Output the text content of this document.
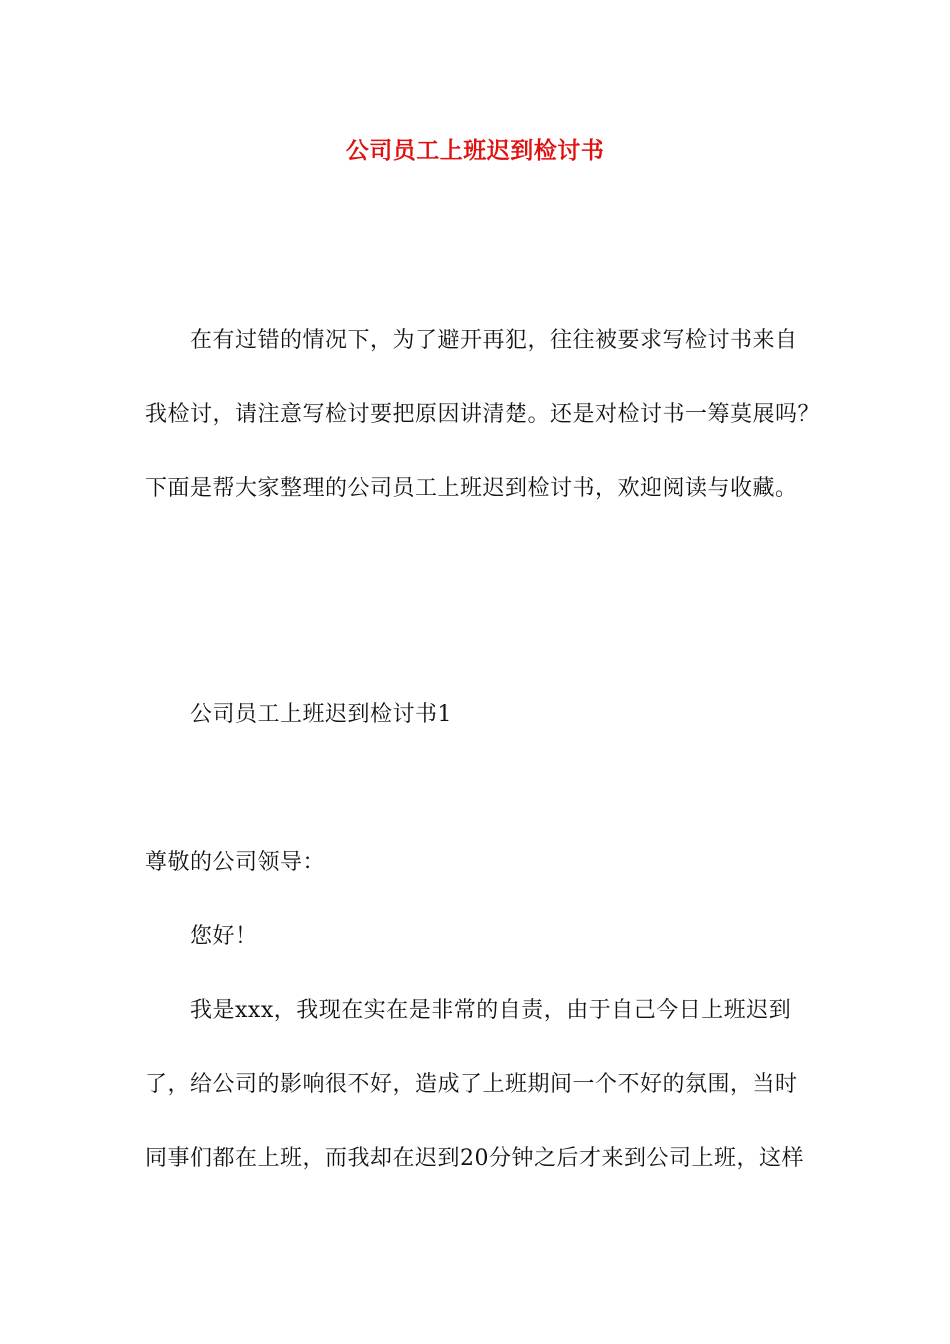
公司员工上班迟到检讨书
在有过错的情况下，为了避开再犯，往往被要求写检讨书来自
我检讨，请注意写检讨要把原因讲清楚。还是对检讨书一筹莫展吗？
下面是帮大家整理的公司员工上班迟到检讨书，欢迎阅读与收藏。
公司员工上班迟到检讨书1
尊敬的公司领导：
您好！
我是xxx，我现在实在是非常的自责，由于自己今日上班迟到
了，给公司的影响很不好，造成了上班期间一个不好的氛围，当时
同事们都在上班，而我却在迟到20分钟之后才来到公司上班，这样
